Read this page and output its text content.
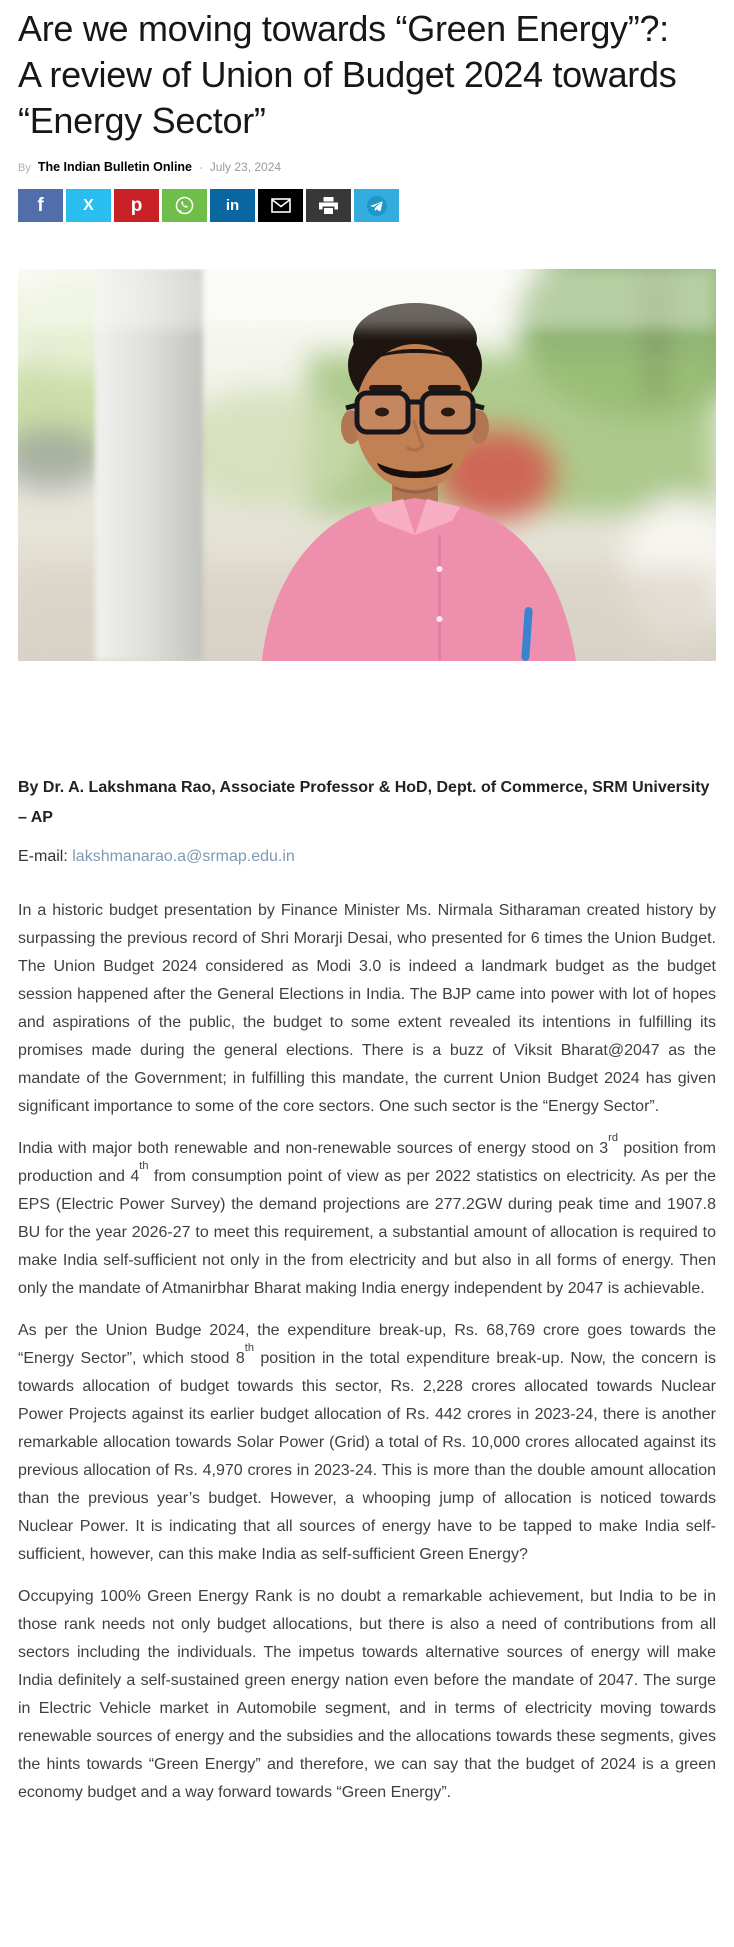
Are we moving towards “Green Energy”?: A review of Union of Budget 2024 towards “Energy Sector”
By The Indian Bulletin Online - July 23, 2024
f X p	in

By Dr. A. Lakshmana Rao, Associate Professor & HoD, Dept. of Commerce, SRM University – AP

E-mail: lakshmanarao.a@srmap.edu.in

In a historic budget presentation by Finance Minister Ms. Nirmala Sitharaman created history by surpassing the previous record of Shri Morarji Desai, who presented for 6 times the Union Budget. The Union Budget 2024 considered as Modi 3.0 is indeed a landmark budget as the budget session happened after the General Elections in India. The BJP came into power with lot of hopes and aspirations of the public, the budget to some extent revealed its intentions in fulfilling its promises made during the general elections. There is a buzz of Viksit Bharat@2047 as the mandate of the Government; in fulfilling this mandate, the current Union Budget 2024 has given significant importance to some of the core sectors. One such sector is the “Energy Sector”.

India with major both renewable and non-renewable sources of energy stood on 3rd position from production and 4th from consumption point of view as per 2022 statistics on electricity. As per the EPS (Electric Power Survey) the demand projections are 277.2GW during peak time and 1907.8 BU for the year 2026-27 to meet this requirement, a substantial amount of allocation is required to make India self-sufficient not only in the from electricity and but also in all forms of energy. Then only the mandate of Atmanirbhar Bharat making India energy independent by 2047 is achievable.

As per the Union Budge 2024, the expenditure break-up, Rs. 68,769 crore goes towards the “Energy Sector”, which stood 8th position in the total expenditure break-up. Now, the concern is towards allocation of budget towards this sector, Rs. 2,228 crores allocated towards Nuclear Power Projects against its earlier budget allocation of Rs. 442 crores in 2023-24, there is another remarkable allocation towards Solar Power (Grid) a total of Rs. 10,000 crores allocated against its previous allocation of Rs. 4,970 crores in 2023-24. This is more than the double amount allocation than the previous year’s budget. However, a whooping jump of allocation is noticed towards Nuclear Power. It is indicating that all sources of energy have to be tapped to make India self-sufficient, however, can this make India as self-sufficient Green Energy?

Occupying 100% Green Energy Rank is no doubt a remarkable achievement, but India to be in those rank needs not only budget allocations, but there is also a need of contributions from all sectors including the individuals. The impetus towards alternative sources of energy will make India definitely a self-sustained green energy nation even before the mandate of 2047. The surge in Electric Vehicle market in Automobile segment, and in terms of electricity moving towards renewable sources of energy and the subsidies and the allocations towards these segments, gives the hints towards “Green Energy” and therefore, we can say that the budget of 2024 is a green economy budget and a way forward towards “Green Energy”.
